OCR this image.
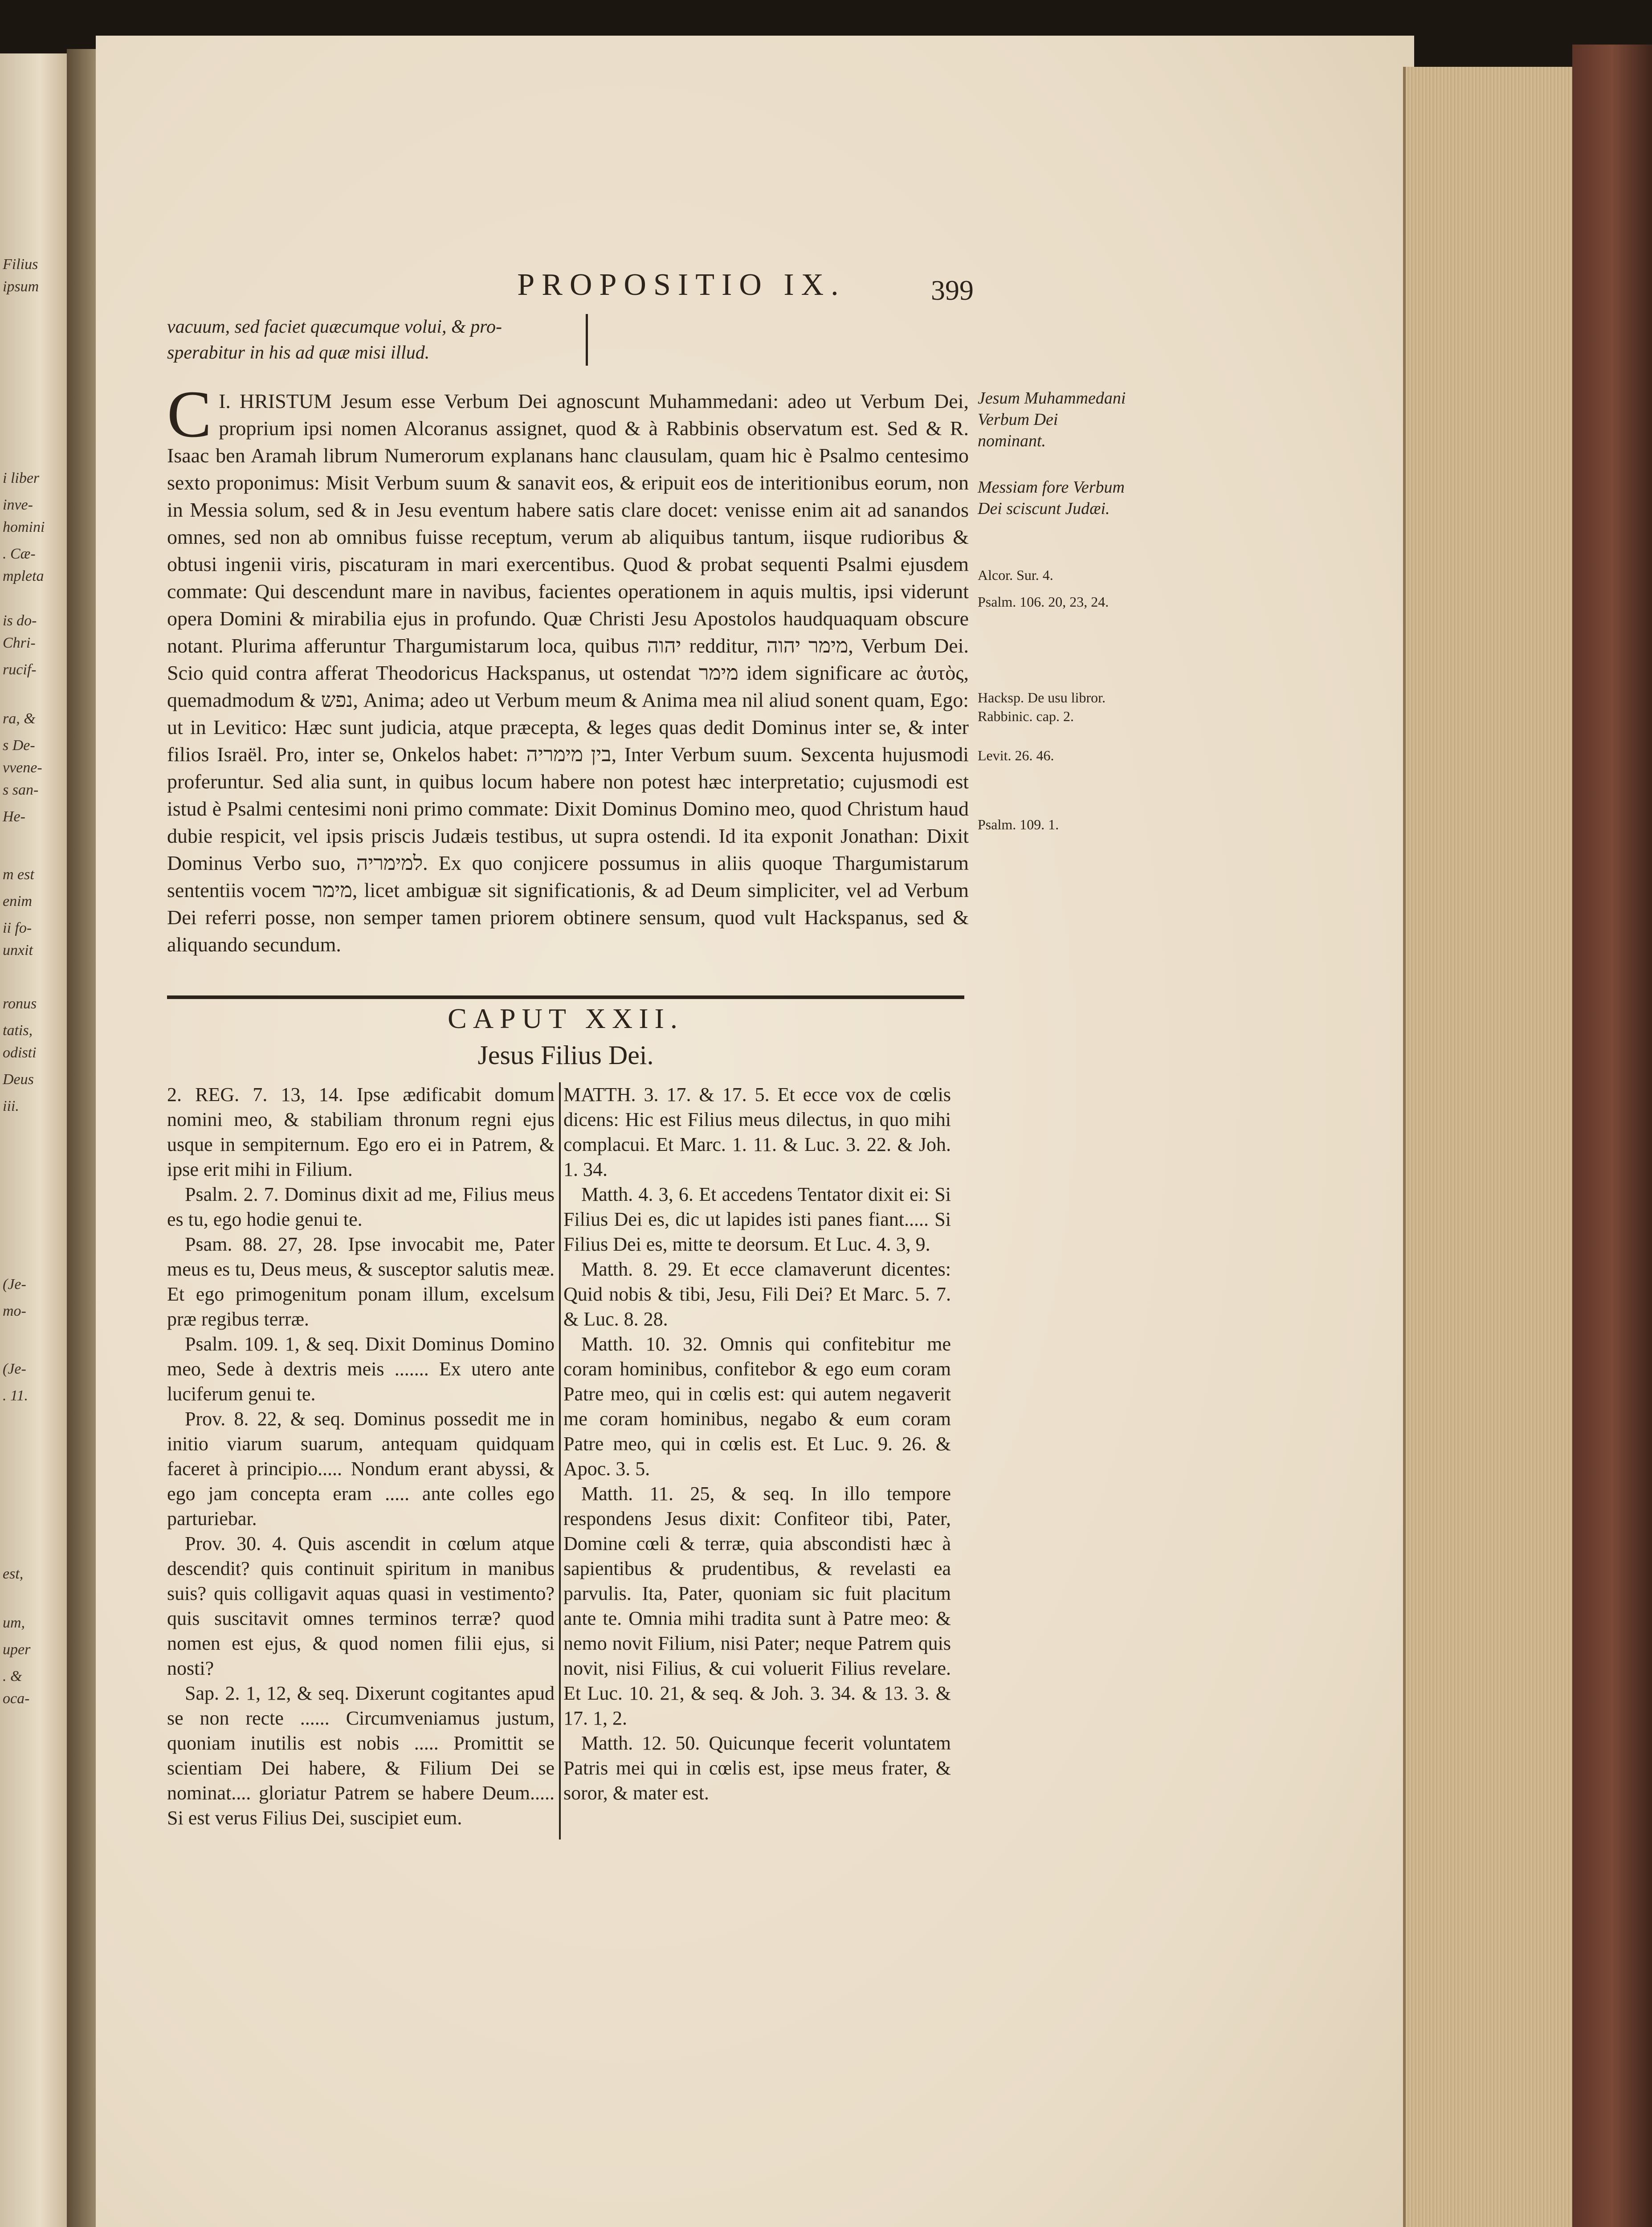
Filius
ipsum
i liber
inve-
homini
. Cæ-
mpleta
is do-
Chri-
rucif-
ra, &
s De-
vvene-
s san-
He-
m est
enim
ii fo-
unxit
ronus
tatis,
odisti
Deus
iii.
(Je-
mo-
(Je-
. 11.
est,
um,
uper
. &
oca-
PROPOSITIO IX.	399
vacuum, sed faciet quæcumque volui, & pro-
sperabitur in his ad quæ misi illud.
I.
C HRISTUM Jesum esse Verbum Dei agnoscunt Muhammedani: adeo ut Verbum Dei, proprium ipsi nomen Alcoranus assignet, quod & à Rabbinis observatum est. Sed & R. Isaac ben Aramah librum Numerorum explanans hanc clausulam, quam hic è Psalmo centesimo sexto proponimus: Misit Verbum suum & sanavit eos, & eripuit eos de interitionibus eorum, non in Messia solum, sed & in Jesu eventum habere satis clare docet: venisse enim ait ad sanandos omnes, sed non ab omnibus fuisse receptum, verum ab aliquibus tantum, iisque rudioribus & obtusi ingenii viris, piscaturam in mari exercentibus. Quod & probat sequenti Psalmi ejusdem commate: Qui descendunt mare in navibus, facientes operationem in aquis multis, ipsi viderunt opera Domini & mirabilia ejus in profundo. Quæ Christi Jesu Apostolos haudquaquam obscure notant. Plurima afferuntur Thargumistarum loca, quibus יהוה redditur, מימר יהוה, Verbum Dei. Scio quid contra afferat Theodoricus Hackspanus, ut ostendat מימר idem significare ac ἀυτὸς, quemadmodum & נפש, Anima; adeo ut Verbum meum & Anima mea nil aliud sonent quam, Ego: ut in Levitico: Hæc sunt judicia, atque præcepta, & leges quas dedit Dominus inter se, & inter filios Israël. Pro, inter se, Onkelos habet: בין מימריה, Inter Verbum suum. Sexcenta hujusmodi proferuntur. Sed alia sunt, in quibus locum habere non potest hæc interpretatio; cujusmodi est istud è Psalmi centesimi noni primo commate: Dixit Dominus Domino meo, quod Christum haud dubie respicit, vel ipsis priscis Judæis testibus, ut supra ostendi. Id ita exponit Jonathan: Dixit Dominus Verbo suo, למימריה. Ex quo conjicere possumus in aliis quoque Thargumistarum sententiis vocem מימר, licet ambiguæ sit significationis, & ad Deum simpliciter, vel ad Verbum Dei referri posse, non semper tamen priorem obtinere sensum, quod vult Hackspanus, sed & aliquando secundum.
Jesum Muhammedani Verbum Dei nominant.
Messiam fore Verbum Dei sciscunt Judæi.
Alcor. Sur. 4.
Psalm. 106. 20, 23, 24.
Hacksp. De usu libror. Rabbinic. cap. 2.
Levit. 26. 46.
Psalm. 109. 1.
CAPUT XXII.
Jesus Filius Dei.

2. REG. 7. 13, 14. Ipse ædificabit domum nomini meo, & stabiliam thronum regni ejus usque in sempiternum. Ego ero ei in Patrem, & ipse erit mihi in Filium.

Psalm. 2. 7. Dominus dixit ad me, Filius meus es tu, ego hodie genui te.

Psam. 88. 27, 28. Ipse invocabit me, Pater meus es tu, Deus meus, & susceptor salutis meæ. Et ego primogenitum ponam illum, excelsum præ regibus terræ.

Psalm. 109. 1, & seq. Dixit Dominus Domino meo, Sede à dextris meis ....... Ex utero ante luciferum genui te.

Prov. 8. 22, & seq. Dominus possedit me in initio viarum suarum, antequam quidquam faceret à principio..... Nondum erant abyssi, & ego jam concepta eram ..... ante colles ego parturiebar.

Prov. 30. 4. Quis ascendit in cœlum atque descendit? quis continuit spiritum in manibus suis? quis colligavit aquas quasi in vestimento? quis suscitavit omnes terminos terræ? quod nomen est ejus, & quod nomen filii ejus, si nosti?

Sap. 2. 1, 12, & seq. Dixerunt cogitantes apud se non recte ...... Circumveniamus justum, quoniam inutilis est nobis ..... Promittit se scientiam Dei habere, & Filium Dei se nominat.... gloriatur Patrem se habere Deum..... Si est verus Filius Dei, suscipiet eum.

MATTH. 3. 17. & 17. 5. Et ecce vox de cœlis dicens: Hic est Filius meus dilectus, in quo mihi complacui. Et Marc. 1. 11. & Luc. 3. 22. & Joh. 1. 34.

Matth. 4. 3, 6. Et accedens Tentator dixit ei: Si Filius Dei es, dic ut lapides isti panes fiant..... Si Filius Dei es, mitte te deorsum. Et Luc. 4. 3, 9.

Matth. 8. 29. Et ecce clamaverunt dicentes: Quid nobis & tibi, Jesu, Fili Dei? Et Marc. 5. 7. & Luc. 8. 28.

Matth. 10. 32. Omnis qui confitebitur me coram hominibus, confitebor & ego eum coram Patre meo, qui in cœlis est: qui autem negaverit me coram hominibus, negabo & eum coram Patre meo, qui in cœlis est. Et Luc. 9. 26. & Apoc. 3. 5.

Matth. 11. 25, & seq. In illo tempore respondens Jesus dixit: Confiteor tibi, Pater, Domine cœli & terræ, quia abscondisti hæc à sapientibus & prudentibus, & revelasti ea parvulis. Ita, Pater, quoniam sic fuit placitum ante te. Omnia mihi tradita sunt à Patre meo: & nemo novit Filium, nisi Pater; neque Patrem quis novit, nisi Filius, & cui voluerit Filius revelare. Et Luc. 10. 21, & seq. & Joh. 3. 34. & 13. 3. & 17. 1, 2.

Matth. 12. 50. Quicunque fecerit voluntatem Patris mei qui in cœlis est, ipse meus frater, & soror, & mater est.
